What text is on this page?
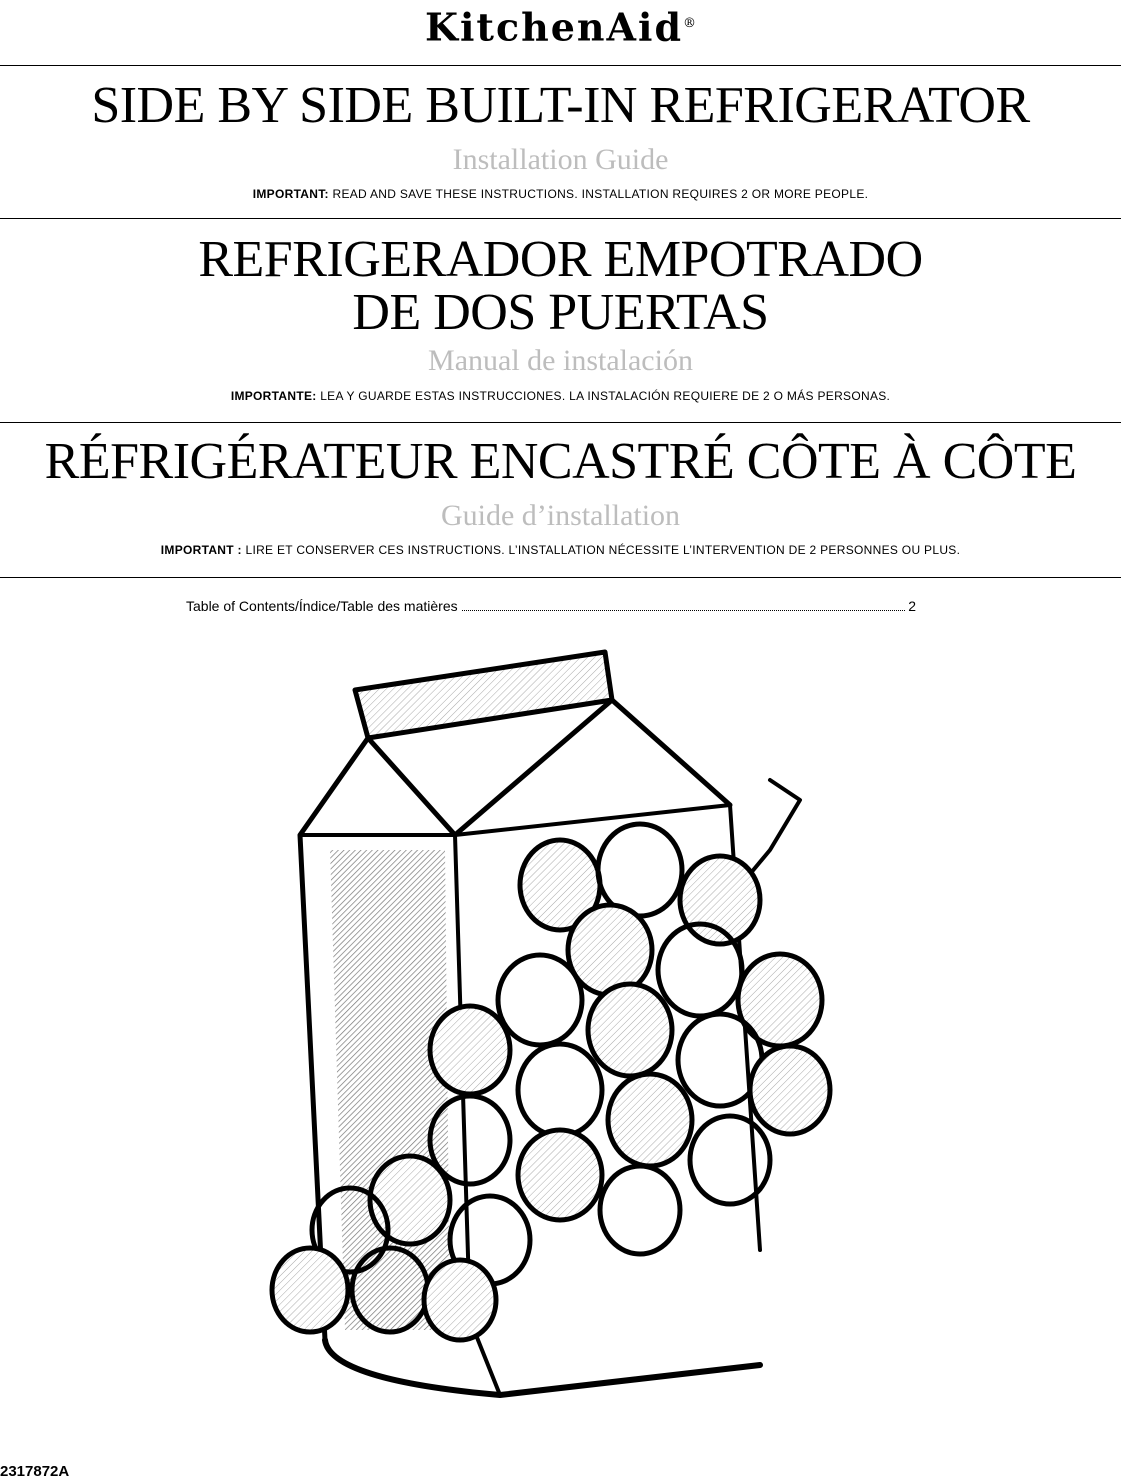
KitchenAid®
SIDE BY SIDE BUILT-IN REFRIGERATOR
Installation Guide
IMPORTANT: READ AND SAVE THESE INSTRUCTIONS. INSTALLATION REQUIRES 2 OR MORE PEOPLE.
REFRIGERADOR EMPOTRADO
DE DOS PUERTAS
Manual de instalación
IMPORTANTE: LEA Y GUARDE ESTAS INSTRUCCIONES. LA INSTALACIÓN REQUIERE DE 2 O MÁS PERSONAS.
RÉFRIGÉRATEUR ENCASTRÉ CÔTE À CÔTE
Guide d’installation
IMPORTANT : LIRE ET CONSERVER CES INSTRUCTIONS. L’INSTALLATION NÉCESSITE L’INTERVENTION DE 2 PERSONNES OU PLUS.
Table of Contents/Índice/Table des matières	2
2317872A
